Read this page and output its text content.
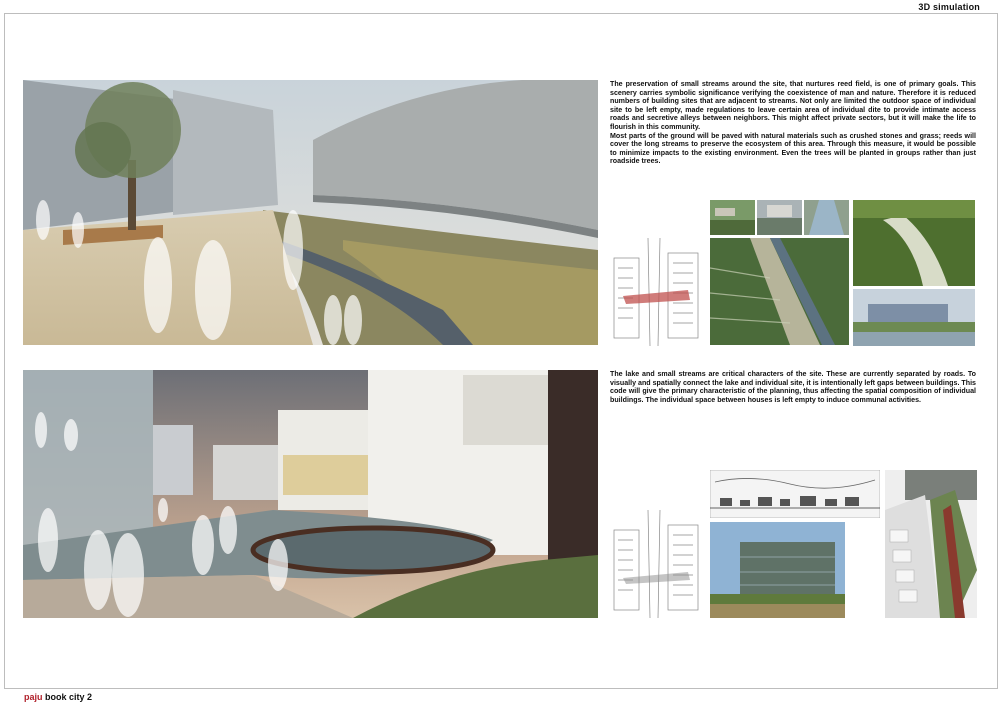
3D simulation
The preservation of small streams around the site, that nurtures reed field, is one of primary goals. This scenery carries symbolic significance verifying the coexistence of man and nature. Therefore it is reduced numbers of building sites that are adjacent to streams. Not only are limited the outdoor space of individual site to be left empty, made regulations to leave certain area of individual dite to provide intimate access roads and secretive alleys between neighbors. This might affect private sectors, but it will make the life to flourish in this community.
Most parts of the ground will be paved with natural materials such as crushed stones and grass; reeds will cover the long streams to preserve the ecosystem of this area. Through this measure, it would be possible to minimize impacts to the existing environment. Even the trees will be planted in groups rather than just roadside trees.
The lake and small streams are critical characters of the site. These are currently separated by roads. To visually and spatially connect the lake and individual site, it is intentionally left gaps between buildings. This code will give the primary characteristic of the planning, thus affecting the spatial composition of individual buildings. The individual space between houses is left empty to induce communal activities.
paju book city 2
